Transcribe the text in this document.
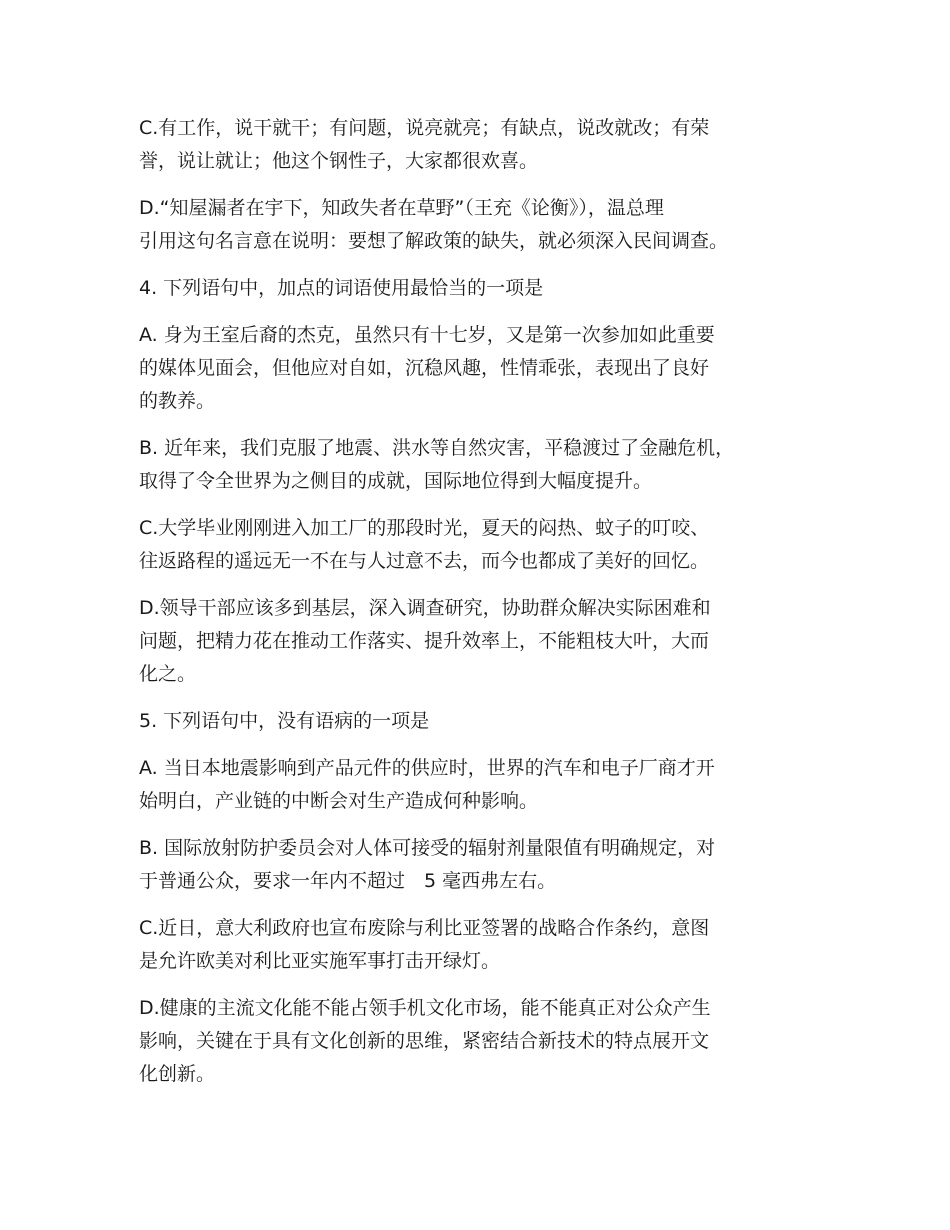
C.有工作，说干就干；有问题，说亮就亮；有缺点，说改就改；有荣
誉，说让就让；他这个钢性子，大家都很欢喜。

D.“知屋漏者在宇下，知政失者在草野”（王充《论衡》），温总理
引用这句名言意在说明：要想了解政策的缺失，就必须深入民间调查。

4. 下列语句中，加点的词语使用最恰当的一项是

A. 身为王室后裔的杰克，虽然只有十七岁，又是第一次参加如此重要
的媒体见面会，但他应对自如，沉稳风趣，性情乖张，表现出了良好
的教养。

B. 近年来，我们克服了地震、洪水等自然灾害，平稳渡过了金融危机，
取得了令全世界为之侧目的成就，国际地位得到大幅度提升。

C.大学毕业刚刚进入加工厂的那段时光，夏天的闷热、蚊子的叮咬、
往返路程的遥远无一不在与人过意不去，而今也都成了美好的回忆。

D.领导干部应该多到基层，深入调查研究，协助群众解决实际困难和
问题，把精力花在推动工作落实、提升效率上，不能粗枝大叶，大而
化之。

5. 下列语句中，没有语病的一项是

A. 当日本地震影响到产品元件的供应时，世界的汽车和电子厂商才开
始明白，产业链的中断会对生产造成何种影响。

B. 国际放射防护委员会对人体可接受的辐射剂量限值有明确规定，对
于普通公众，要求一年内不超过　5 毫西弗左右。

C.近日，意大利政府也宣布废除与利比亚签署的战略合作条约，意图
是允许欧美对利比亚实施军事打击开绿灯。

D.健康的主流文化能不能占领手机文化市场，能不能真正对公众产生
影响，关键在于具有文化创新的思维，紧密结合新技术的特点展开文
化创新。
